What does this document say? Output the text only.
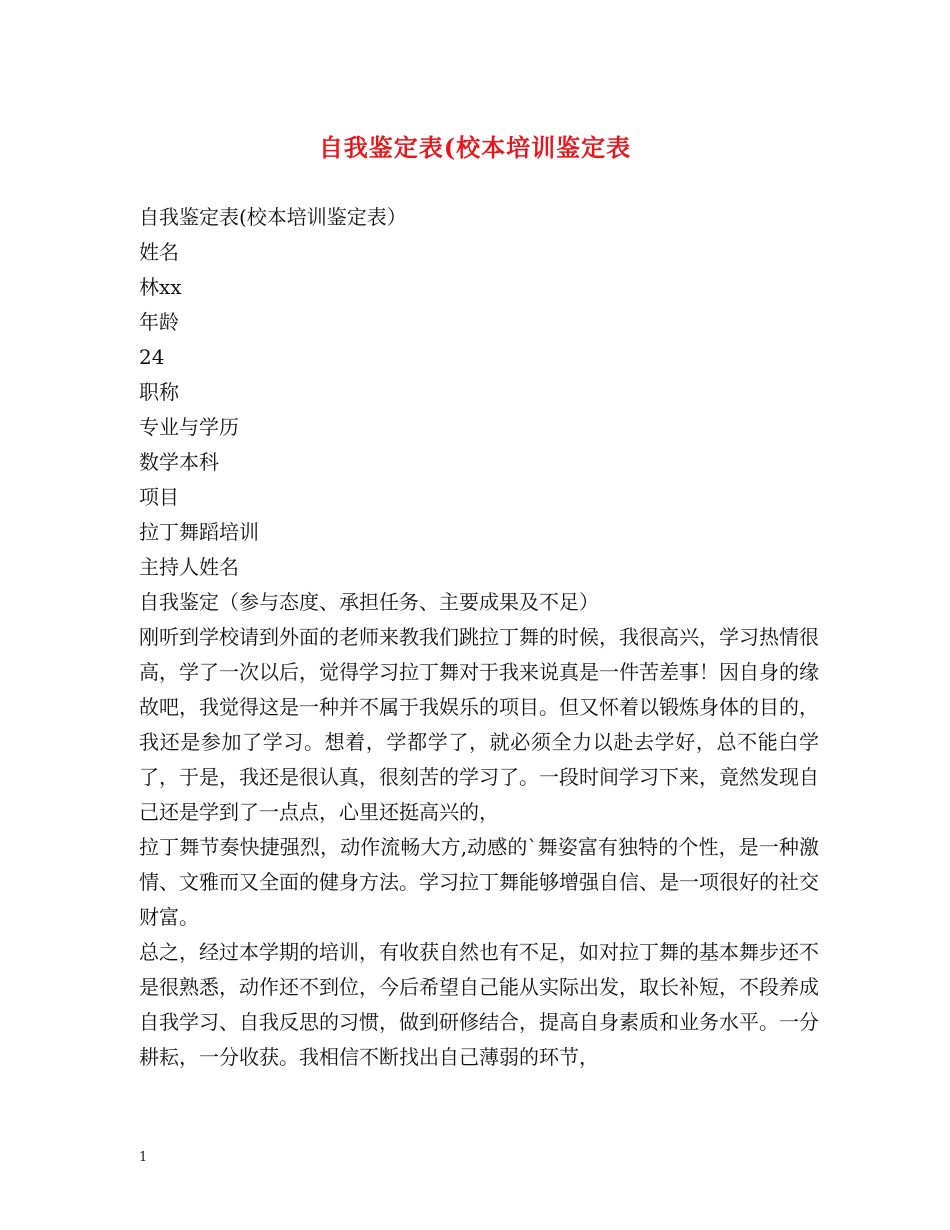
自我鉴定表(校本培训鉴定表
自我鉴定表(校本培训鉴定表）
姓名
林xx
年龄
24
职称
专业与学历
数学本科
项目
拉丁舞蹈培训
主持人姓名
自我鉴定（参与态度、承担任务、主要成果及不足）
刚听到学校请到外面的老师来教我们跳拉丁舞的时候，我很高兴，学习热情很高，学了一次以后，觉得学习拉丁舞对于我来说真是一件苦差事！因自身的缘故吧，我觉得这是一种并不属于我娱乐的项目。但又怀着以锻炼身体的目的，我还是参加了学习。想着，学都学了，就必须全力以赴去学好，总不能白学了，于是，我还是很认真，很刻苦的学习了。一段时间学习下来，竟然发现自己还是学到了一点点，心里还挺高兴的，
拉丁舞节奏快捷强烈，动作流畅大方,动感的`舞姿富有独特的个性，是一种激情、文雅而又全面的健身方法。学习拉丁舞能够增强自信、是一项很好的社交财富。
总之，经过本学期的培训，有收获自然也有不足，如对拉丁舞的基本舞步还不是很熟悉，动作还不到位，今后希望自己能从实际出发，取长补短，不段养成自我学习、自我反思的习惯，做到研修结合，提高自身素质和业务水平。一分耕耘，一分收获。我相信不断找出自己薄弱的环节，
1
